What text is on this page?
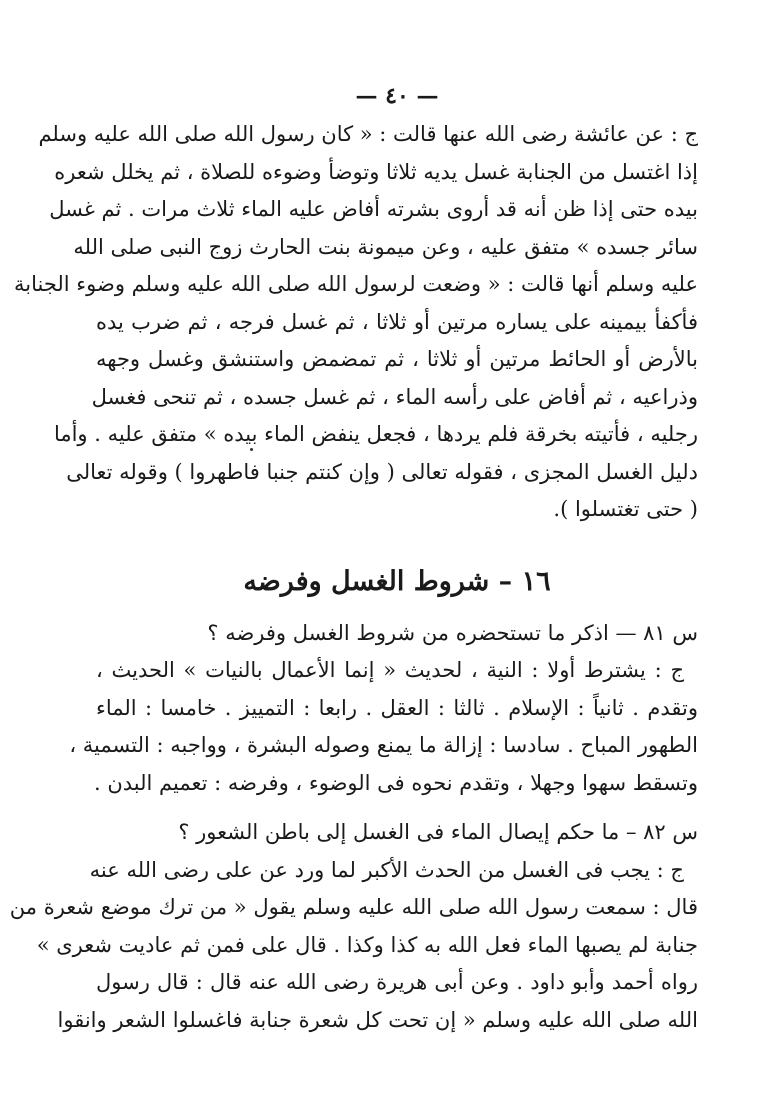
— ٤٠ —
ج : عن عائشة رضى الله عنها قالت : « كان رسول الله صلى الله عليه وسلم
إذا اغتسل من الجنابة غسل يديه ثلاثا وتوضأ وضوءه للصلاة ، ثم يخلل شعره
بيده حتى إذا ظن أنه قد أروى بشرته أفاض عليه الماء ثلاث مرات . ثم غسل
سائر جسده » متفق عليه ، وعن ميمونة بنت الحارث زوج النبى صلى الله
عليه وسلم أنها قالت : « وضعت لرسول الله صلى الله عليه وسلم وضوء الجنابة
فأكفأ بيمينه على يساره مرتين أو ثلاثا ، ثم غسل فرجه ، ثم ضرب يده
بالأرض أو الحائط مرتين أو ثلاثا ، ثم تمضمض واستنشق وغسل وجهه
وذراعيه ، ثم أفاض على رأسه الماء ، ثم غسل جسده ، ثم تنحى فغسل
رجليه ، فأتيته بخرقة فلم يردها ، فجعل ينفض الماء بيده » متفق عليه . وأما
دليل الغسل المجزى ، فقوله تعالى ( وإن كنتم جنبا فاطهروا ) وقوله تعالى
( حتى تغتسلوا ).
١٦ – شروط الغسل وفرضه
س ٨١ — اذكر ما تستحضره من شروط الغسل وفرضه ؟
ج : يشترط أولا : النية ، لحديث « إنما الأعمال بالنيات » الحديث ،
وتقدم . ثانياً : الإسلام . ثالثا : العقل . رابعا : التمييز . خامسا : الماء
الطهور المباح . سادسا : إزالة ما يمنع وصوله البشرة ، وواجبه : التسمية ،
وتسقط سهوا وجهلا ، وتقدم نحوه فى الوضوء ، وفرضه : تعميم البدن .
س ٨٢ – ما حكم إيصال الماء فى الغسل إلى باطن الشعور ؟
ج : يجب فى الغسل من الحدث الأكبر لما ورد عن على رضى الله عنه
قال : سمعت رسول الله صلى الله عليه وسلم يقول « من ترك موضع شعرة من
جنابة لم يصبها الماء فعل الله به كذا وكذا . قال على فمن ثم عاديت شعرى »
رواه أحمد وأبو داود . وعن أبى هريرة رضى الله عنه قال : قال رسول
الله صلى الله عليه وسلم « إن تحت كل شعرة جنابة فاغسلوا الشعر وانقوا
